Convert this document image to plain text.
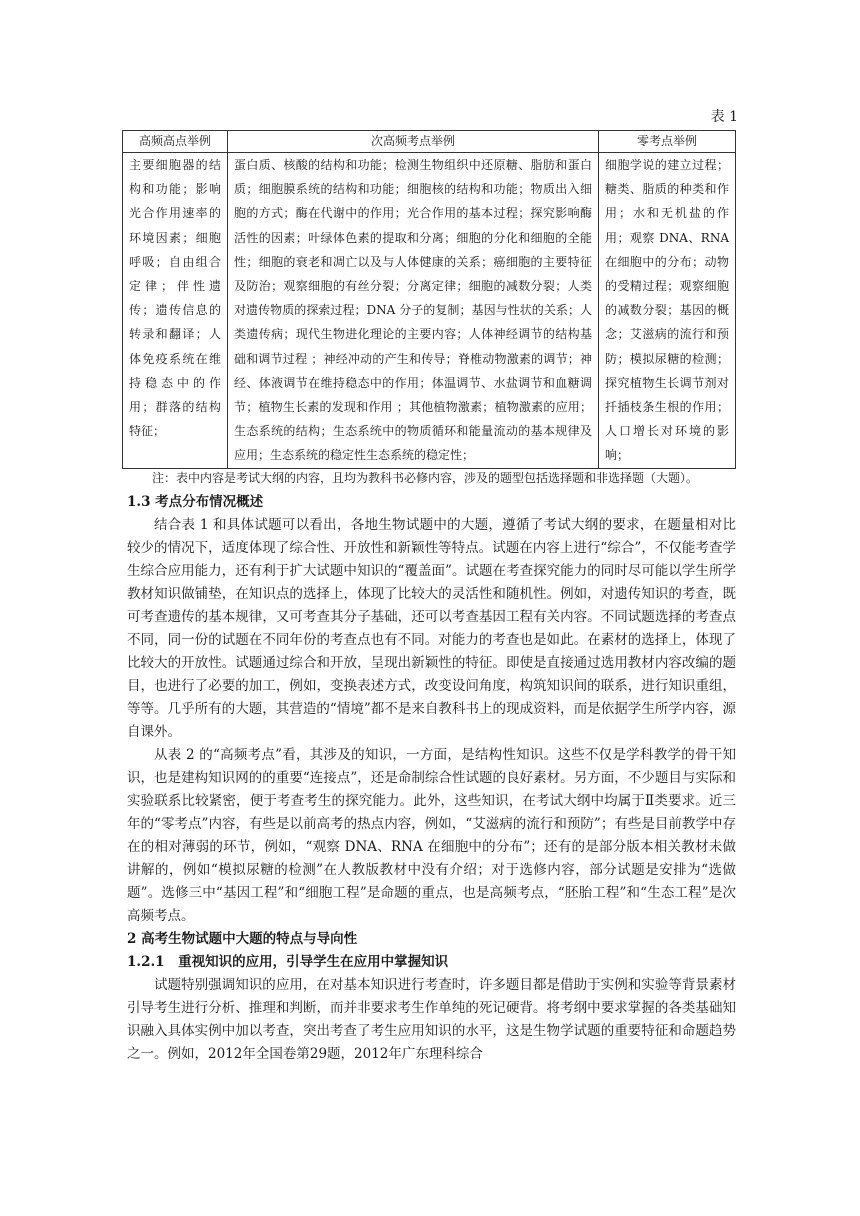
表 1
高频高点举例	次高频考点举例	零考点举例
主要细胞器的结构和功能；影响光合作用速率的环境因素；细胞呼吸；自由组合定律；伴性遗传；遗传信息的转录和翻译；人体免疫系统在维持稳态中的作用；群落的结构特征；	蛋白质、核酸的结构和功能；检测生物组织中还原糖、脂肪和蛋白质；细胞膜系统的结构和功能；细胞核的结构和功能；物质出入细胞的方式；酶在代谢中的作用；光合作用的基本过程；探究影响酶活性的因素；叶绿体色素的提取和分离；细胞的分化和细胞的全能性；细胞的衰老和凋亡以及与人体健康的关系；癌细胞的主要特征及防治；观察细胞的有丝分裂；分离定律；细胞的减数分裂；人类对遗传物质的探索过程；DNA 分子的复制；基因与性状的关系；人类遗传病；现代生物进化理论的主要内容；人体神经调节的结构基础和调节过程 ；神经冲动的产生和传导；脊椎动物激素的调节；神经、体液调节在维持稳态中的作用；体温调节、水盐调节和血糖调节；植物生长素的发现和作用 ；其他植物激素；植物激素的应用；生态系统的结构；生态系统中的物质循环和能量流动的基本规律及应用；生态系统的稳定性生态系统的稳定性；	细胞学说的建立过程；糖类、脂质的种类和作用；水和无机盐的作用；观察 DNA、RNA 在细胞中的分布；动物的受精过程；观察细胞的减数分裂；基因的概念；艾滋病的流行和预防；模拟尿糖的检测；探究植物生长调节剂对扦插枝条生根的作用；人口增长对环境的影响；
注：表中内容是考试大纲的内容，且均为教科书必修内容，涉及的题型包括选择题和非选择题（大题）。
1.3 考点分布情况概述

结合表 1 和具体试题可以看出，各地生物试题中的大题，遵循了考试大纲的要求，在题量相对比较少的情况下，适度体现了综合性、开放性和新颖性等特点。试题在内容上进行“综合”，不仅能考查学生综合应用能力，还有利于扩大试题中知识的“覆盖面”。试题在考查探究能力的同时尽可能以学生所学教材知识做铺垫，在知识点的选择上，体现了比较大的灵活性和随机性。例如，对遗传知识的考查，既可考查遗传的基本规律，又可考查其分子基础，还可以考查基因工程有关内容。不同试题选择的考查点不同，同一份的试题在不同年份的考查点也有不同。对能力的考查也是如此。在素材的选择上，体现了比较大的开放性。试题通过综合和开放，呈现出新颖性的特征。即使是直接通过选用教材内容改编的题目，也进行了必要的加工，例如，变换表述方式，改变设问角度，构筑知识间的联系，进行知识重组，等等。几乎所有的大题，其营造的“情境”都不是来自教科书上的现成资料，而是依据学生所学内容，源自课外。

从表 2 的“高频考点”看，其涉及的知识，一方面，是结构性知识。这些不仅是学科教学的骨干知识，也是建构知识网的的重要“连接点”，还是命制综合性试题的良好素材。另方面，不少题目与实际和实验联系比较紧密，便于考查考生的探究能力。此外，这些知识，在考试大纲中均属于Ⅱ类要求。近三年的“零考点”内容，有些是以前高考的热点内容，例如，“艾滋病的流行和预防”；有些是目前教学中存在的相对薄弱的环节，例如，“观察 DNA、RNA 在细胞中的分布”；还有的是部分版本相关教材未做讲解的，例如“模拟尿糖的检测”在人教版教材中没有介绍；对于选修内容，部分试题是安排为“选做题”。选修三中“基因工程”和“细胞工程”是命题的重点，也是高频考点，“胚胎工程”和“生态工程”是次高频考点。

2 高考生物试题中大题的特点与导向性
1.2.1　重视知识的应用，引导学生在应用中掌握知识

试题特别强调知识的应用，在对基本知识进行考查时，许多题目都是借助于实例和实验等背景素材引导考生进行分析、推理和判断，而并非要求考生作单纯的死记硬背。将考纲中要求掌握的各类基础知识融入具体实例中加以考查，突出考查了考生应用知识的水平，这是生物学试题的重要特征和命题趋势之一。例如，2012年全国卷第29题，2012年广东理科综合
